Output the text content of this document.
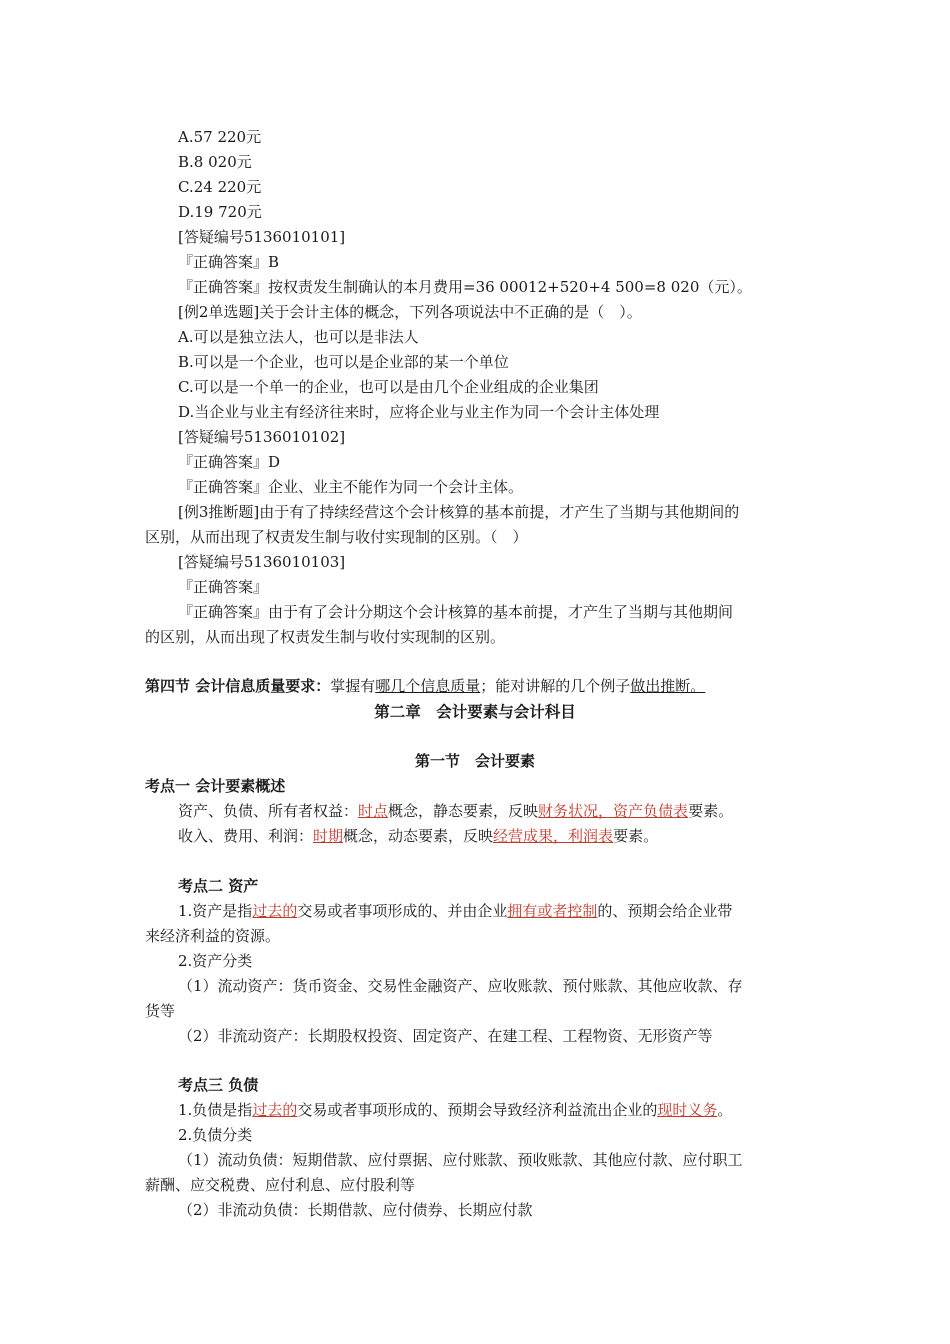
A.57 220元
B.8 020元
C.24 220元
D.19 720元
[答疑编号5136010101]
『正确答案』B
『正确答案』按权责发生制确认的本月费用=36 00012+520+4 500=8 020（元）。
[例2单选题]关于会计主体的概念，下列各项说法中不正确的是（　）。
A.可以是独立法人，也可以是非法人
B.可以是一个企业，也可以是企业部的某一个单位
C.可以是一个单一的企业，也可以是由几个企业组成的企业集团
D.当企业与业主有经济往来时，应将企业与业主作为同一个会计主体处理
[答疑编号5136010102]
『正确答案』D
『正确答案』企业、业主不能作为同一个会计主体。
[例3推断题]由于有了持续经营这个会计核算的基本前提，才产生了当期与其他期间的
区别，从而出现了权责发生制与收付实现制的区别。（　）
[答疑编号5136010103]
『正确答案』
『正确答案』由于有了会计分期这个会计核算的基本前提，才产生了当期与其他期间
的区别，从而出现了权责发生制与收付实现制的区别。
第四节 会计信息质量要求：掌握有哪几个信息质量；能对讲解的几个例子做出推断。
第二章　会计要素与会计科目
第一节　会计要素
考点一 会计要素概述
资产、负债、所有者权益：时点概念，静态要素，反映财务状况，资产负债表要素。
收入、费用、利润：时期概念，动态要素，反映经营成果，利润表要素。
考点二 资产
1.资产是指过去的交易或者事项形成的、并由企业拥有或者控制的、预期会给企业带
来经济利益的资源。
2.资产分类
（1）流动资产：货币资金、交易性金融资产、应收账款、预付账款、其他应收款、存
货等
（2）非流动资产：长期股权投资、固定资产、在建工程、工程物资、无形资产等
考点三 负债
1.负债是指过去的交易或者事项形成的、预期会导致经济利益流出企业的现时义务。
2.负债分类
（1）流动负债：短期借款、应付票据、应付账款、预收账款、其他应付款、应付职工
薪酬、应交税费、应付利息、应付股利等
（2）非流动负债：长期借款、应付债券、长期应付款
